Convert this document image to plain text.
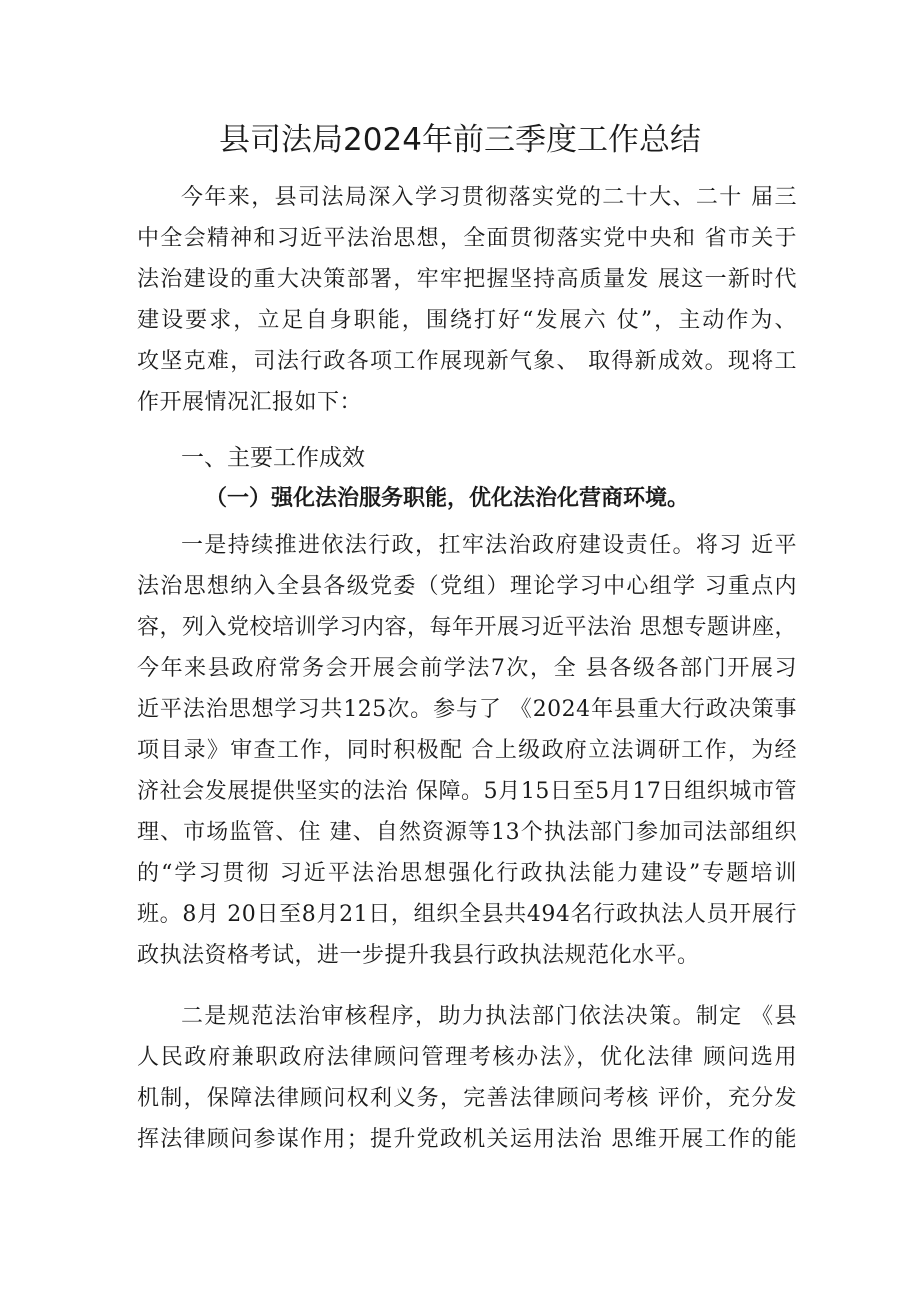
县司法局2024年前三季度工作总结
今年来，县司法局深入学习贯彻落实党的二十大、二十 届三
中全会精神和习近平法治思想，全面贯彻落实党中央和 省市关于
法治建设的重大决策部署，牢牢把握坚持高质量发 展这一新时代
建设要求，立足自身职能，围绕打好“发展六 仗”，主动作为、
攻坚克难，司法行政各项工作展现新气象、 取得新成效。现将工
作开展情况汇报如下：
一、主要工作成效
（一）强化法治服务职能，优化法治化营商环境。
一是持续推进依法行政，扛牢法治政府建设责任。将习 近平
法治思想纳入全县各级党委（党组）理论学习中心组学 习重点内
容，列入党校培训学习内容，每年开展习近平法治 思想专题讲座，
今年来县政府常务会开展会前学法7次，全 县各级各部门开展习
近平法治思想学习共125次。参与了 《2024年县重大行政决策事
项目录》审查工作，同时积极配 合上级政府立法调研工作，为经
济社会发展提供坚实的法治 保障。5月15日至5月17日组织城市管
理、市场监管、住 建、自然资源等13个执法部门参加司法部组织
的“学习贯彻 习近平法治思想强化行政执法能力建设”专题培训
班。8月 20日至8月21日，组织全县共494名行政执法人员开展行
政执法资格考试，进一步提升我县行政执法规范化水平。
二是规范法治审核程序，助力执法部门依法决策。制定 《县
人民政府兼职政府法律顾问管理考核办法》，优化法律 顾问选用
机制，保障法律顾问权利义务，完善法律顾问考核 评价，充分发
挥法律顾问参谋作用；提升党政机关运用法治 思维开展工作的能
